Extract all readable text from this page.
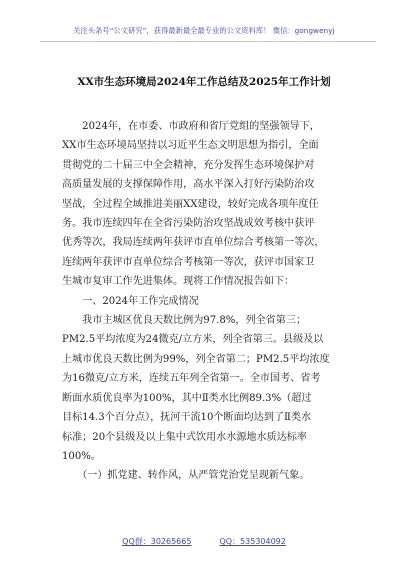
关注头条号“公文研究”，获得最新最全最专业的公文资料库！ 微信：gongwenyj
XX市生态环境局2024年工作总结及2025年工作计划
　　2024年，在市委、市政府和省厅党组的坚强领导下，
XX市生态环境局坚持以习近平生态文明思想为指引，全面
贯彻党的二十届三中全会精神，充分发挥生态环境保护对
高质量发展的支撑保障作用，高水平深入打好污染防治攻
坚战，全过程全域推进美丽XX建设，较好完成各项年度任
务。我市连续四年在全省污染防治攻坚战成效考核中获评
优秀等次，我局连续两年获评市直单位综合考核第一等次，
连续两年获评市直单位综合考核第一等次，获评市国家卫
生城市复审工作先进集体。现将工作情况报告如下：
　　一、2024年工作完成情况
　　我市主城区优良天数比例为97.8%，列全省第三；
PM2.5平均浓度为24微克/立方米，列全省第三。县级及以
上城市优良天数比例为99%，列全省第二；PM2.5平均浓度
为16微克/立方米，连续五年列全省第一。全市国考、省考
断面水质优良率为100%，其中Ⅱ类水比例89.3%（超过
目标14.3个百分点），抚河干流10个断面均达到了Ⅱ类水
标准；20个县级及以上集中式饮用水水源地水质达标率
100%。
　　（一）抓党建、转作风，从严管党治党呈现新气象。
QQ群：30265665	QQ：535304092
